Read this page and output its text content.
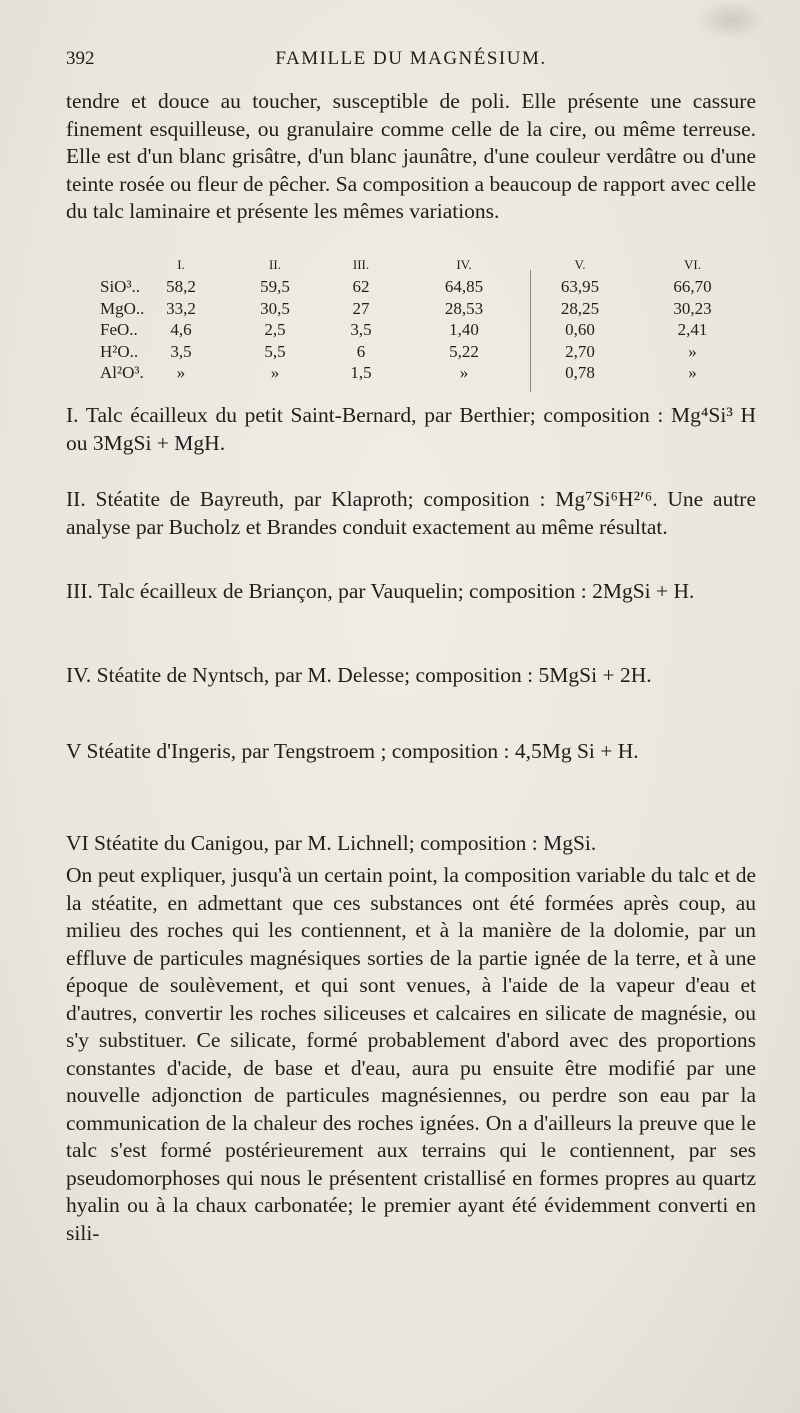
392	FAMILLE DU MAGNÉSIUM.
tendre et douce au toucher, susceptible de poli. Elle présente une cassure finement esquilleuse, ou granulaire comme celle de la cire, ou même terreuse. Elle est d'un blanc grisâtre, d'un blanc jaunâtre, d'une couleur verdâtre ou d'une teinte rosée ou fleur de pêcher. Sa composition a beaucoup de rapport avec celle du talc laminaire et présente les mêmes variations.
I.	II.	III.	IV.	V.	VI.
SiO³..	58,2	59,5	62	64,85	63,95	66,70
MgO..	33,2	30,5	27	28,53	28,25	30,23
FeO..	4,6	2,5	3,5	1,40	0,60	2,41
H²O..	3,5	5,5	6	5,22	2,70	»
Al²O³.	»	»	1,5	»	0,78	»
I. Talc écailleux du petit Saint-Bernard, par Berthier; composition : Mg⁴Si³ H ou 3MgSi + MgH.
II. Stéatite de Bayreuth, par Klaproth; composition : Mg⁷Si⁶H²′⁶. Une autre analyse par Bucholz et Brandes conduit exactement au même résultat.
III. Talc écailleux de Briançon, par Vauquelin; composition : 2MgSi + H.
IV. Stéatite de Nyntsch, par M. Delesse; composition : 5MgSi + 2H.
V Stéatite d'Ingeris, par Tengstroem ; composition : 4,5Mg Si + H.
VI Stéatite du Canigou, par M. Lichnell; composition : MgSi.
On peut expliquer, jusqu'à un certain point, la composition variable du talc et de la stéatite, en admettant que ces substances ont été formées après coup, au milieu des roches qui les contiennent, et à la manière de la dolomie, par un effluve de particules magnésiques sorties de la partie ignée de la terre, et à une époque de soulèvement, et qui sont venues, à l'aide de la vapeur d'eau et d'autres, convertir les roches siliceuses et calcaires en silicate de magnésie, ou s'y substituer. Ce silicate, formé probablement d'abord avec des proportions constantes d'acide, de base et d'eau, aura pu ensuite être modifié par une nouvelle adjonction de particules magnésiennes, ou perdre son eau par la communication de la chaleur des roches ignées. On a d'ailleurs la preuve que le talc s'est formé postérieurement aux terrains qui le contiennent, par ses pseudomorphoses qui nous le présentent cristallisé en formes propres au quartz hyalin ou à la chaux carbonatée; le premier ayant été évidemment converti en sili-
